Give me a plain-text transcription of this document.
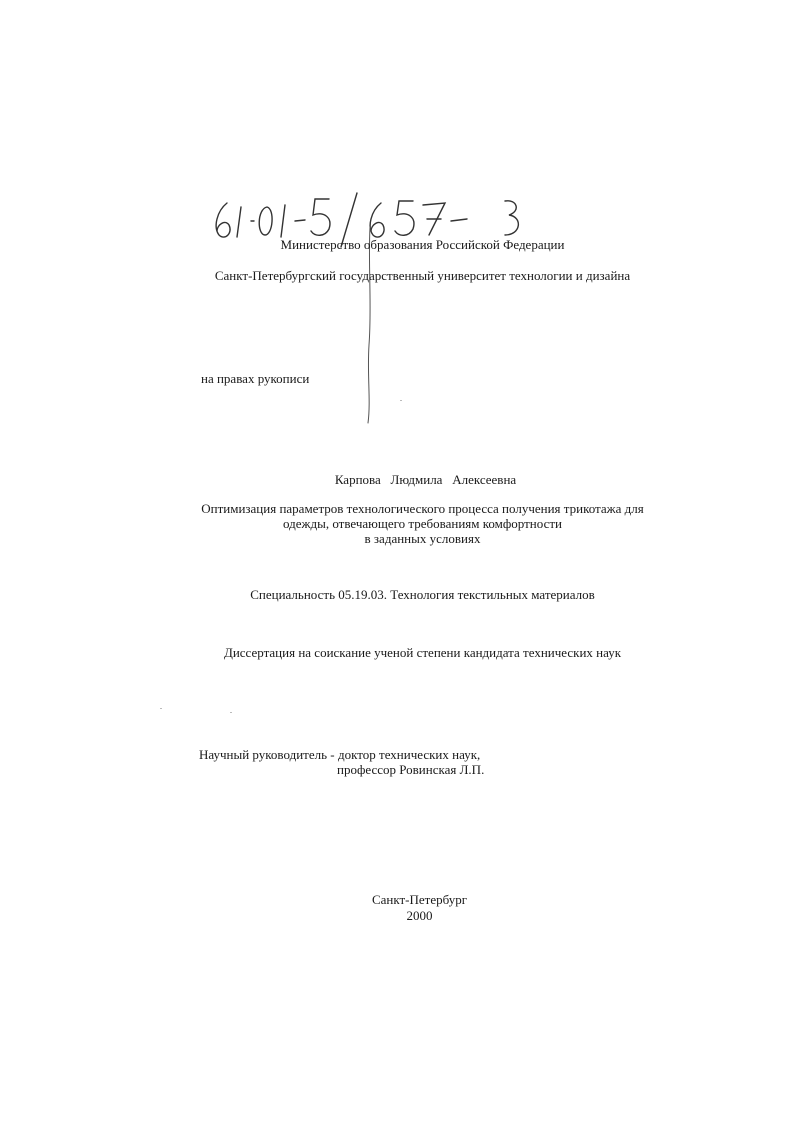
Министерство образования Российской Федерации
Санкт-Петербургский государственный университет технологии и дизайна
на правах рукописи
Карпова   Людмила   Алексеевна
Оптимизация параметров технологического процесса получения трикотажа для
одежды, отвечающего требованиям комфортности
в заданных условиях
Специальность 05.19.03. Технология текстильных материалов
Диссертация на соискание ученой степени кандидата технических наук
Научный руководитель - доктор технических наук,
профессор Ровинская Л.П.
Санкт-Петербург
2000
